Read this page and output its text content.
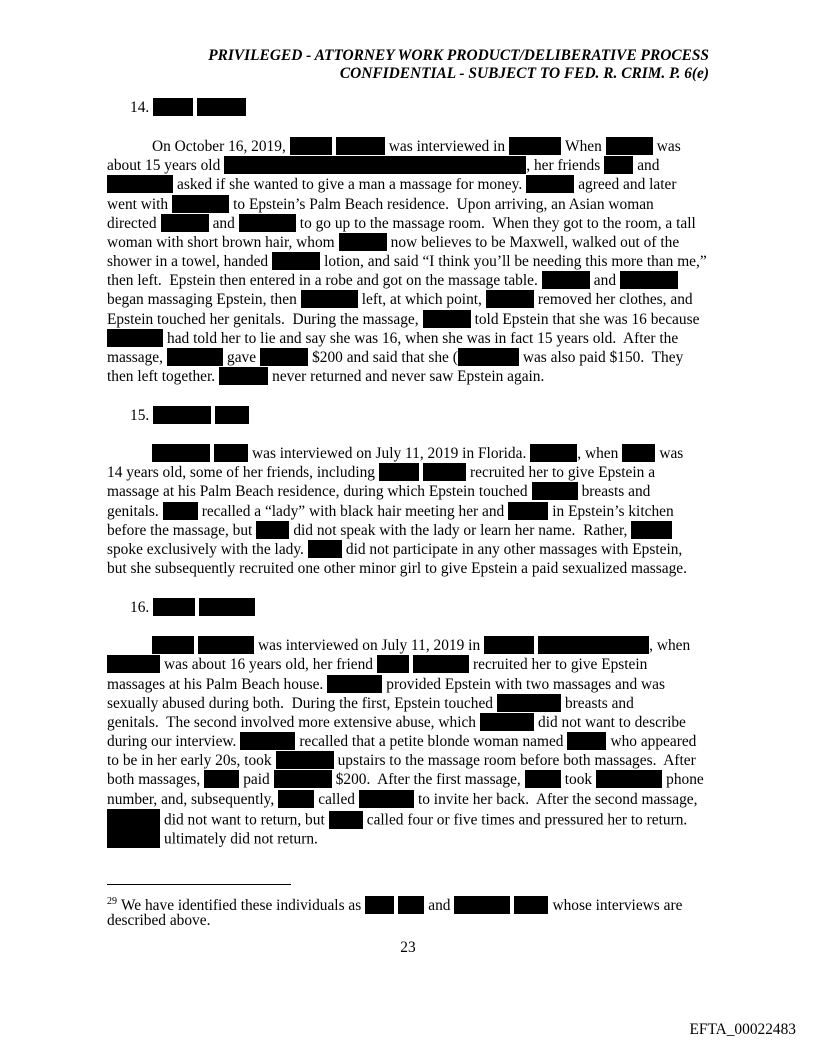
PRIVILEGED - ATTORNEY WORK PRODUCT/DELIBERATIVE PROCESS
CONFIDENTIAL - SUBJECT TO FED. R. CRIM. P. 6(e)
14.
On October 16, 2019,	was interviewed in	When	was
about 15 years old	, her friends and
asked if she wanted to give a man a massage for money.	agreed and later
went with	to Epstein’s Palm Beach residence.  Upon arriving, an Asian woman
directed	and	to go up to the massage room.  When they got to the room, a tall
woman with short brown hair, whom	now believes to be Maxwell, walked out of the
shower in a towel, handed	lotion, and said “I think you’ll be needing this more than me,”
then left.  Epstein then entered in a robe and got on the massage table.	and
began massaging Epstein, then	left, at which point,	removed her clothes, and
Epstein touched her genitals.  During the massage,	told Epstein that she was 16 because
had told her to lie and say she was 16, when she was in fact 15 years old.  After the
massage,	gave	$200 and said that she (	was also paid $150.  They
then left together.	never returned and never saw Epstein again.
15.
was interviewed on July 11, 2019 in Florida.	, when	was
14 years old, some of her friends, including	recruited her to give Epstein a
massage at his Palm Beach residence, during which Epstein touched	breasts and
genitals.	recalled a “lady” with black hair meeting her and	in Epstein’s kitchen
before the massage, but	did not speak with the lady or learn her name.  Rather,
spoke exclusively with the lady.	did not participate in any other massages with Epstein,
but she subsequently recruited one other minor girl to give Epstein a paid sexualized massage.
16.
was interviewed on July 11, 2019 in	, when
was about 16 years old, her friend	recruited her to give Epstein
massages at his Palm Beach house.	provided Epstein with two massages and was
sexually abused during both.  During the first, Epstein touched	breasts and
genitals.  The second involved more extensive abuse, which	did not want to describe
during our interview.	recalled that a petite blonde woman named	who appeared
to be in her early 20s, took	upstairs to the massage room before both massages.  After
both massages,	paid	$200.  After the first massage,	took	phone
number, and, subsequently,	called	to invite her back.  After the second massage,
did not want to return, but	called four or five times and pressured her to return.
ultimately did not return.
$^{29}$ We have identified these individuals as	and	whose interviews are
described above.
23
EFTA_00022483
